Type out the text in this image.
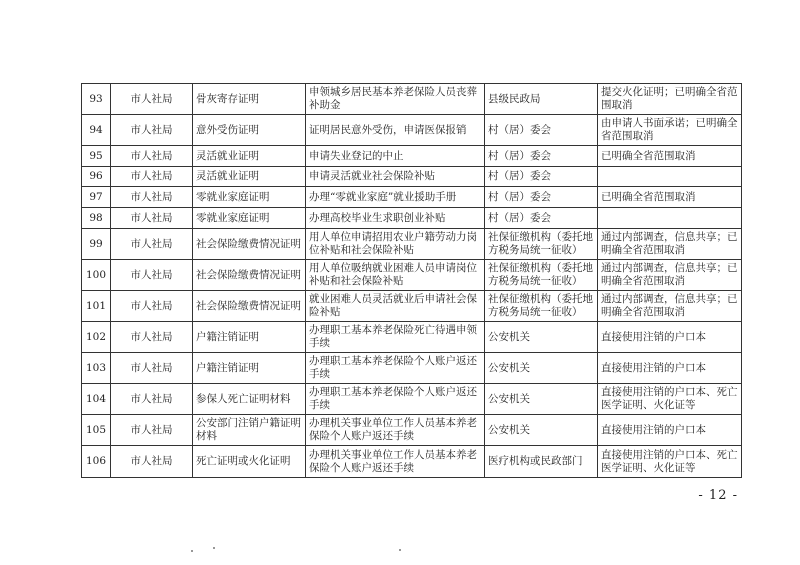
93	市人社局	骨灰寄存证明	申领城乡居民基本养老保险人员丧葬补助金	县级民政局	提交火化证明；已明确全省范围取消
94	市人社局	意外受伤证明	证明居民意外受伤，申请医保报销	村（居）委会	由申请人书面承诺；已明确全省范围取消
95	市人社局	灵活就业证明	申请失业登记的中止	村（居）委会	已明确全省范围取消
96	市人社局	灵活就业证明	申请灵活就业社会保险补贴	村（居）委会	
97	市人社局	零就业家庭证明	办理“零就业家庭”就业援助手册	村（居）委会	已明确全省范围取消
98	市人社局	零就业家庭证明	办理高校毕业生求职创业补贴	村（居）委会	
99	市人社局	社会保险缴费情况证明	用人单位申请招用农业户籍劳动力岗位补贴和社会保险补贴	社保征缴机构（委托地方税务局统一征收）	通过内部调查，信息共享；已明确全省范围取消
100	市人社局	社会保险缴费情况证明	用人单位吸纳就业困难人员申请岗位补贴和社会保险补贴	社保征缴机构（委托地方税务局统一征收）	通过内部调查，信息共享；已明确全省范围取消
101	市人社局	社会保险缴费情况证明	就业困难人员灵活就业后申请社会保险补贴	社保征缴机构（委托地方税务局统一征收）	通过内部调查，信息共享；已明确全省范围取消
102	市人社局	户籍注销证明	办理职工基本养老保险死亡待遇申领手续	公安机关	直接使用注销的户口本
103	市人社局	户籍注销证明	办理职工基本养老保险个人账户返还手续	公安机关	直接使用注销的户口本
104	市人社局	参保人死亡证明材料	办理职工基本养老保险个人账户返还手续	公安机关	直接使用注销的户口本、死亡医学证明、火化证等
105	市人社局	公安部门注销户籍证明材料	办理机关事业单位工作人员基本养老保险个人账户返还手续	公安机关	直接使用注销的户口本
106	市人社局	死亡证明或火化证明	办理机关事业单位工作人员基本养老保险个人账户返还手续	医疗机构或民政部门	直接使用注销的户口本、死亡医学证明、火化证等
- 12 -
